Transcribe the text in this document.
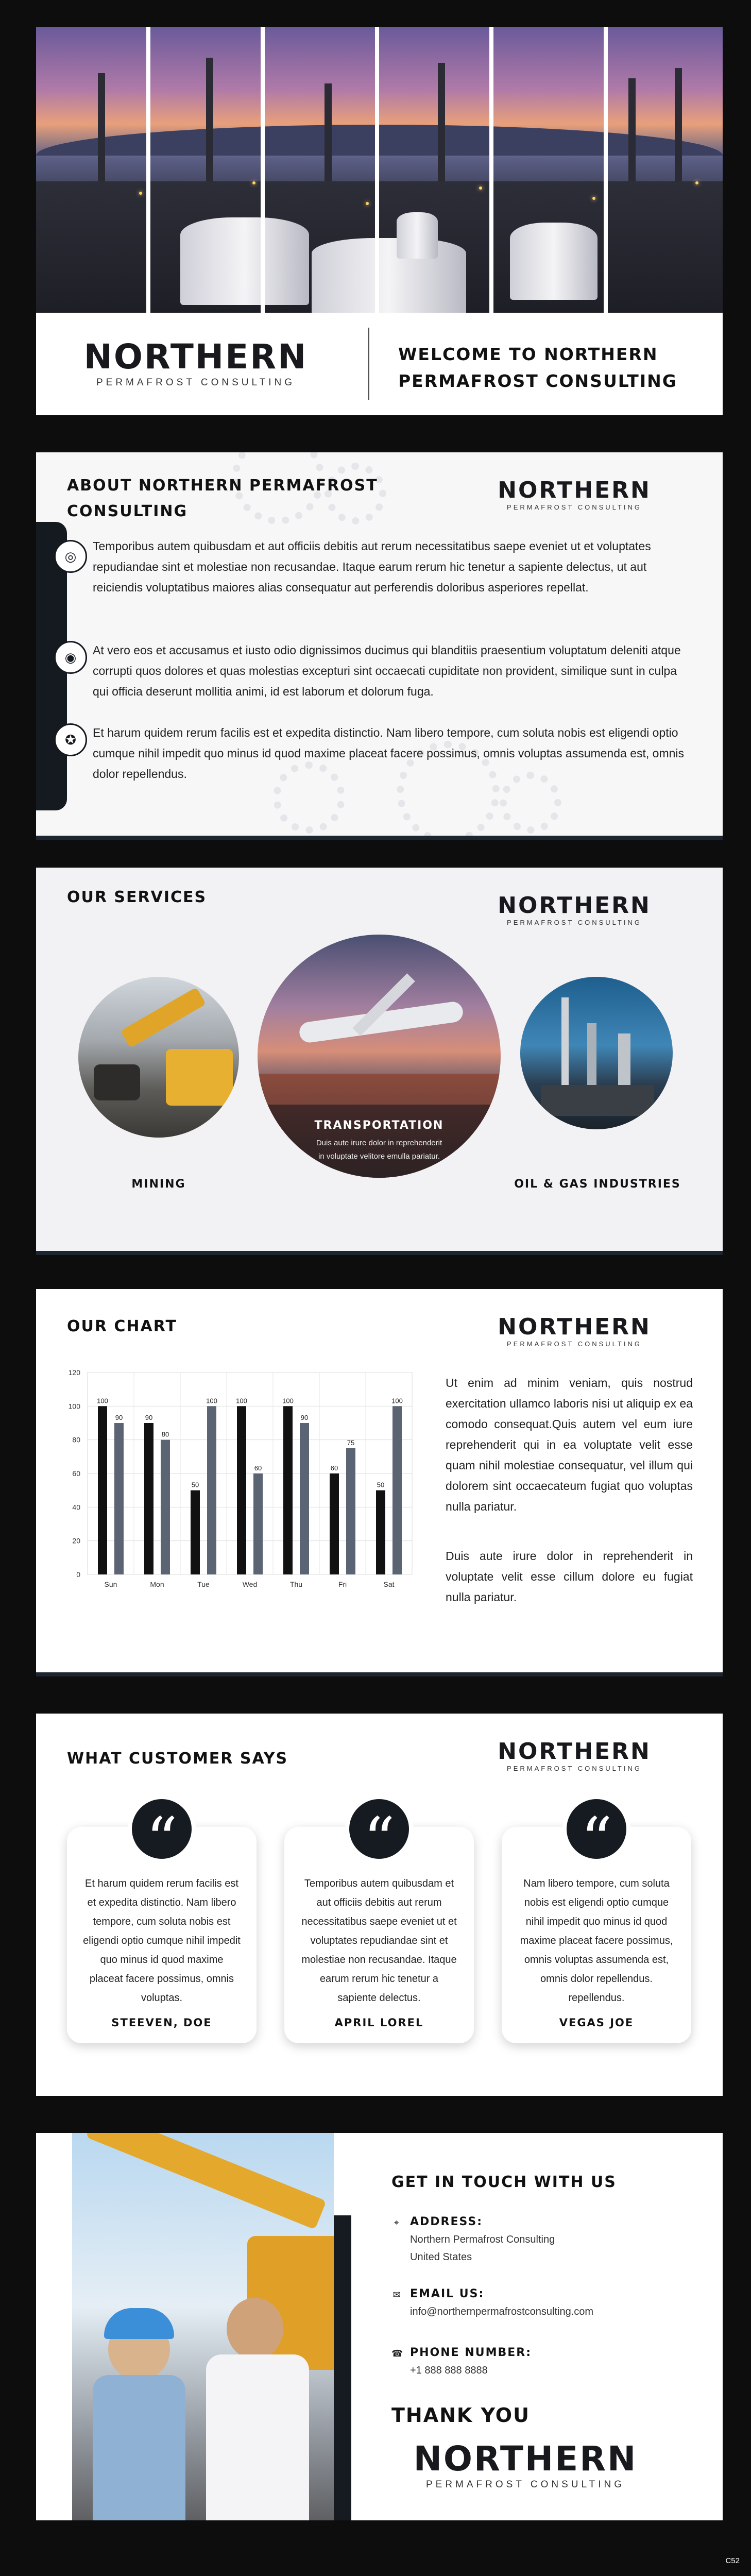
NORTHERN
PERMAFROST CONSULTING
WELCOME TO NORTHERN PERMAFROST CONSULTING
ABOUT NORTHERN PERMAFROST CONSULTING
NORTHERN
PERMAFROST CONSULTING
◎
Temporibus autem quibusdam et aut officiis debitis aut rerum necessitatibus saepe eveniet ut et voluptates repudiandae sint et molestiae non recusandae. Itaque earum rerum hic tenetur a sapiente delectus, ut aut reiciendis voluptatibus maiores alias consequatur aut perferendis doloribus asperiores repellat.
◉	At vero eos et accusamus et iusto odio dignissimos ducimus qui blanditiis praesentium voluptatum deleniti atque corrupti quos dolores et quas molestias excepturi sint occaecati cupiditate non provident, similique sunt in culpa qui officia deserunt mollitia animi, id est laborum et dolorum fuga.
✪	Et harum quidem rerum facilis est et expedita distinctio. Nam libero tempore, cum soluta nobis est eligendi optio cumque nihil impedit quo minus id quod maxime placeat facere possimus, omnis voluptas assumenda est, omnis dolor repellendus.
OUR SERVICES	NORTHERN
PERMAFROST CONSULTING
MINING
TRANSPORTATION
Duis aute irure dolor in reprehenderit in voluptate velitore emulla pariatur.
OIL & GAS INDUSTRIES
OUR CHART	NORTHERN
PERMAFROST CONSULTING
0
20
40
60
80
100
120
100
90
Sun
90
80
Mon
50
100
Tue
100
60
Wed
100
90
Thu
60
75
Fri
50
100
Sat
Ut enim ad minim veniam, quis nostrud exercitation ullamco laboris nisi ut aliquip ex ea comodo consequat.Quis autem vel eum iure reprehenderit qui in ea voluptate velit esse quam nihil molestiae consequatur, vel illum qui dolorem sint occaecateum fugiat quo voluptas nulla pariatur.
Duis aute irure dolor in reprehenderit in voluptate velit esse cillum dolore eu fugiat nulla pariatur.
WHAT CUSTOMER SAYS	NORTHERN
PERMAFROST CONSULTING
“
Et harum quidem rerum facilis est et expedita distinctio. Nam libero tempore, cum soluta nobis est eligendi optio cumque nihil impedit quo minus id quod maxime placeat facere possimus, omnis voluptas.
STEEVEN, DOE
“
Temporibus autem quibusdam et aut officiis debitis aut rerum necessitatibus saepe eveniet ut et voluptates repudiandae sint et molestiae non recusandae. Itaque earum rerum hic tenetur a sapiente delectus.
APRIL LOREL
“
Nam libero tempore, cum soluta nobis est eligendi optio cumque nihil impedit quo minus id quod maxime placeat facere possimus, omnis voluptas assumenda est, omnis dolor repellendus. repellendus.
VEGAS JOE
GET IN TOUCH WITH US
⌖ ADDRESS:
Northern Permafrost Consulting
United States
✉ EMAIL US:
info@northernpermafrostconsulting.com
☎ PHONE NUMBER:
+1 888 888 8888
THANK YOU
NORTHERN
PERMAFROST CONSULTING
C52
